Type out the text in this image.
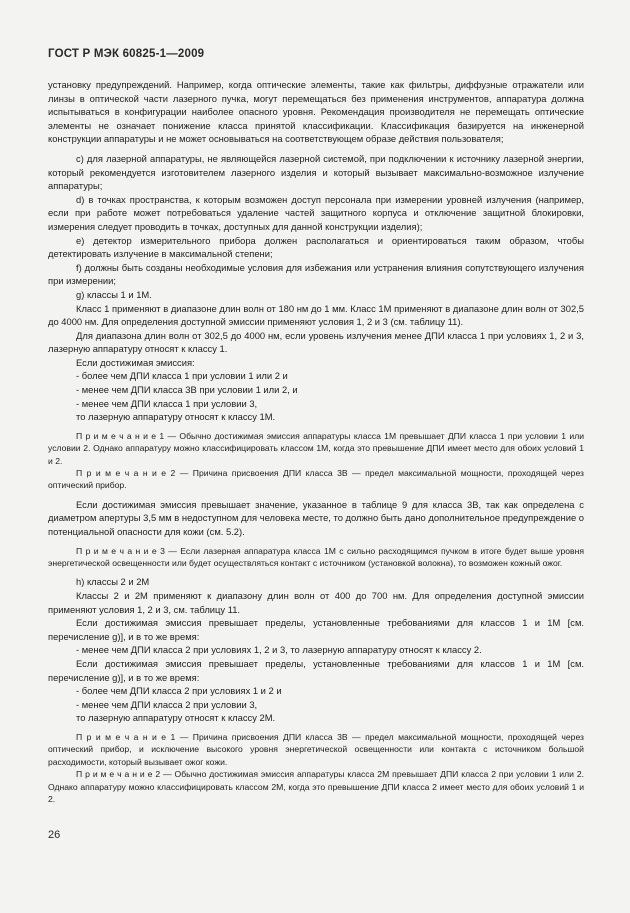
ГОСТ Р МЭК 60825-1—2009

установку предупреждений. Например, когда оптические элементы, такие как фильтры, диффузные отражатели или линзы в оптической части лазерного пучка, могут перемещаться без применения инструментов, аппаратура должна испытываться в конфигурации наиболее опасного уровня. Рекомендация производителя не перемещать оптические элементы не означает понижение класса принятой классификации. Классификация базируется на инженерной конструкции аппаратуры и не может основываться на соответствующем образе действия пользователя;

c) для лазерной аппаратуры, не являющейся лазерной системой, при подключении к источнику лазерной энергии, который рекомендуется изготовителем лазерного изделия и который вызывает максимально-возможное излучение аппаратуры;

d) в точках пространства, к которым возможен доступ персонала при измерении уровней излучения (например, если при работе может потребоваться удаление частей защитного корпуса и отключение защитной блокировки, измерения следует проводить в точках, доступных для данной конструкции изделия);

e) детектор измерительного прибора должен располагаться и ориентироваться таким образом, чтобы детектировать излучение в максимальной степени;

f) должны быть созданы необходимые условия для избежания или устранения влияния сопутствующего излучения при измерении;

g) классы 1 и 1М.

Класс 1 применяют в диапазоне длин волн от 180 нм до 1 мм. Класс 1М применяют в диапазоне длин волн от 302,5 до 4000 нм. Для определения доступной эмиссии применяют условия 1, 2 и 3 (см. таблицу 11).

Для диапазона длин волн от 302,5 до 4000 нм, если уровень излучения менее ДПИ класса 1 при условиях 1, 2 и 3, лазерную аппаратуру относят к классу 1.

Если достижимая эмиссия:

- более чем ДПИ класса 1 при условии 1 или 2 и

- менее чем ДПИ класса 3В при условии 1 или 2, и

- менее чем ДПИ класса 1 при условии 3,

то лазерную аппаратуру относят к классу 1М.

П р и м е ч а н и е 1 — Обычно достижимая эмиссия аппаратуры класса 1М превышает ДПИ класса 1 при условии 1 или условии 2. Однако аппаратуру можно классифицировать классом 1М, когда это превышение ДПИ имеет место для обоих условий 1 и 2.

П р и м е ч а н и е 2 — Причина присвоения ДПИ класса 3В — предел максимальной мощности, проходящей через оптический прибор.

Если достижимая эмиссия превышает значение, указанное в таблице 9 для класса 3В, так как определена с диаметром апертуры 3,5 мм в недоступном для человека месте, то должно быть дано дополнительное предупреждение о потенциальной опасности для кожи (см. 5.2).

П р и м е ч а н и е 3 — Если лазерная аппаратура класса 1М с сильно расходящимся пучком в итоге будет выше уровня энергетической освещенности или будет осуществляться контакт с источником (установкой волокна), то возможен кожный ожог.

h) классы 2 и 2М

Классы 2 и 2М применяют к диапазону длин волн от 400 до 700 нм. Для определения доступной эмиссии применяют условия 1, 2 и 3, см. таблицу 11.

Если достижимая эмиссия превышает пределы, установленные требованиями для классов 1 и 1М [см. перечисление g)], и в то же время:

- менее чем ДПИ класса 2 при условиях 1, 2 и 3, то лазерную аппаратуру относят к классу 2.

Если достижимая эмиссия превышает пределы, установленные требованиями для классов 1 и 1М [см. перечисление g)], и в то же время:

- более чем ДПИ класса 2 при условиях 1 и 2 и

- менее чем ДПИ класса 2 при условии 3,

то лазерную аппаратуру относят к классу 2М.

П р и м е ч а н и е 1 — Причина присвоения ДПИ класса 3В — предел максимальной мощности, проходящей через оптический прибор, и исключение высокого уровня энергетической освещенности или контакта с источником большой расходимости, который вызывает ожог кожи.

П р и м е ч а н и е 2 — Обычно достижимая эмиссия аппаратуры класса 2М превышает ДПИ класса 2 при условии 1 или 2. Однако аппаратуру можно классифицировать классом 2М, когда это превышение ДПИ класса 2 имеет место для обоих условий 1 и 2.

26
